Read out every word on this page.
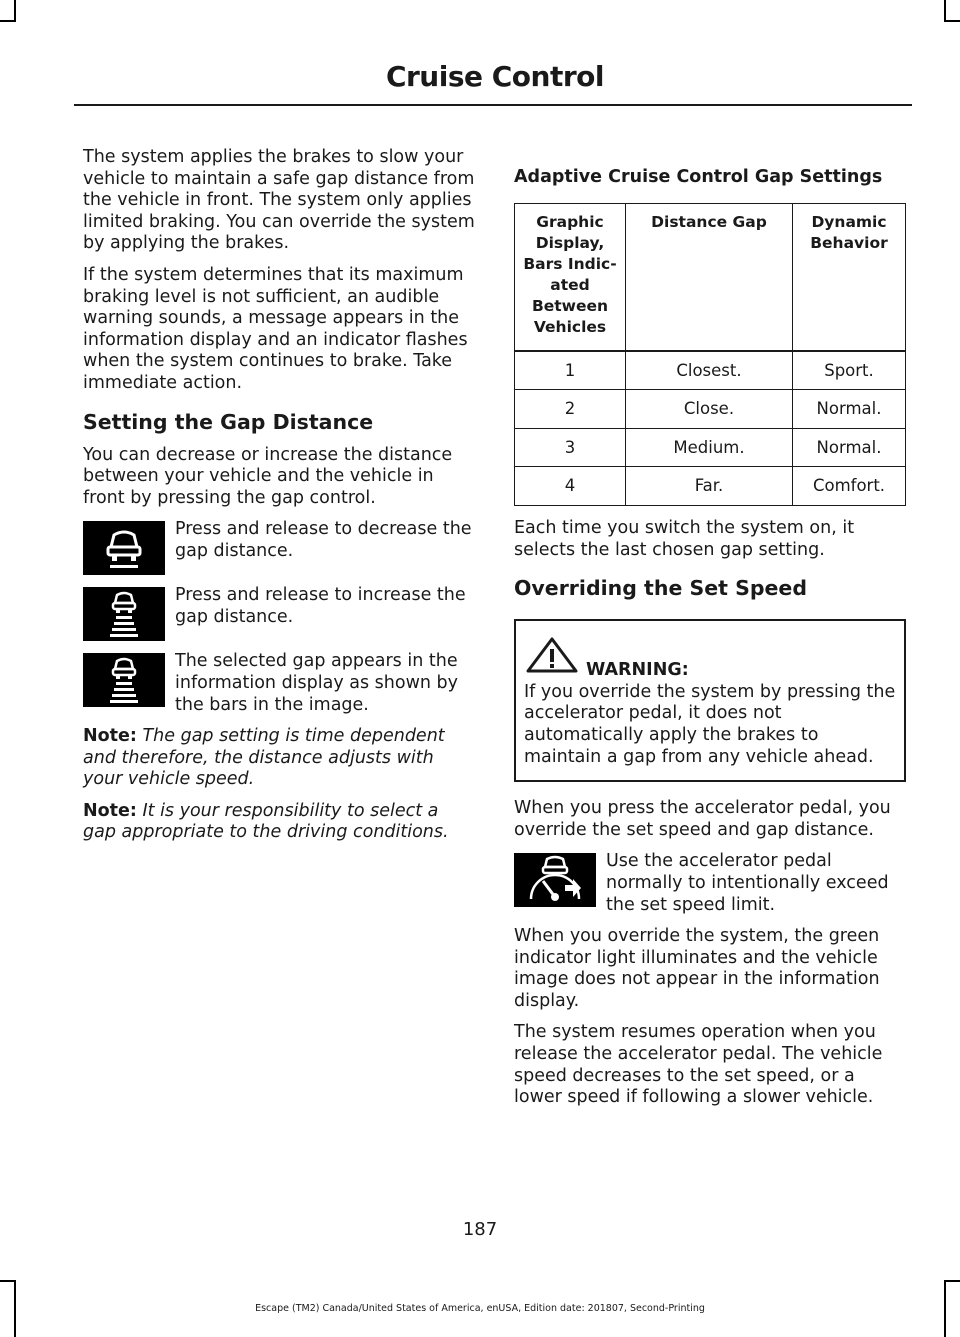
Cruise Control

The system applies the brakes to slow your vehicle to maintain a safe gap distance from the vehicle in front. The system only applies limited braking. You can override the system by applying the brakes.

If the system determines that its maximum braking level is not sufficient, an audible warning sounds, a message appears in the information display and an indicator flashes when the system continues to brake. Take immediate action.

Setting the Gap Distance

You can decrease or increase the distance between your vehicle and the vehicle in front by pressing the gap control.

Press and release to decrease the gap distance.
Press and release to increase the gap distance.
The selected gap appears in the information display as shown by the bars in the image.

Note: The gap setting is time dependent and therefore, the distance adjusts with your vehicle speed.

Note: It is your responsibility to select a gap appropriate to the driving conditions.

Adaptive Cruise Control Gap Settings
Graphic Display, Bars Indic- ated Between Vehicles	Distance Gap	Dynamic Behavior
1	Closest.	Sport.
2	Close.	Normal.
3	Medium.	Normal.
4	Far.	Comfort.

Each time you switch the system on, it selects the last chosen gap setting.

Overriding the Set Speed
WARNING:
If you override the system by pressing the accelerator pedal, it does not automatically apply the brakes to maintain a gap from any vehicle ahead.

When you press the accelerator pedal, you override the set speed and gap distance.

Use the accelerator pedal normally to intentionally exceed the set speed limit.

When you override the system, the green indicator light illuminates and the vehicle image does not appear in the information display.

The system resumes operation when you release the accelerator pedal. The vehicle speed decreases to the set speed, or a lower speed if following a slower vehicle.

187
Escape (TM2) Canada/United States of America, enUSA, Edition date: 201807, Second-Printing
